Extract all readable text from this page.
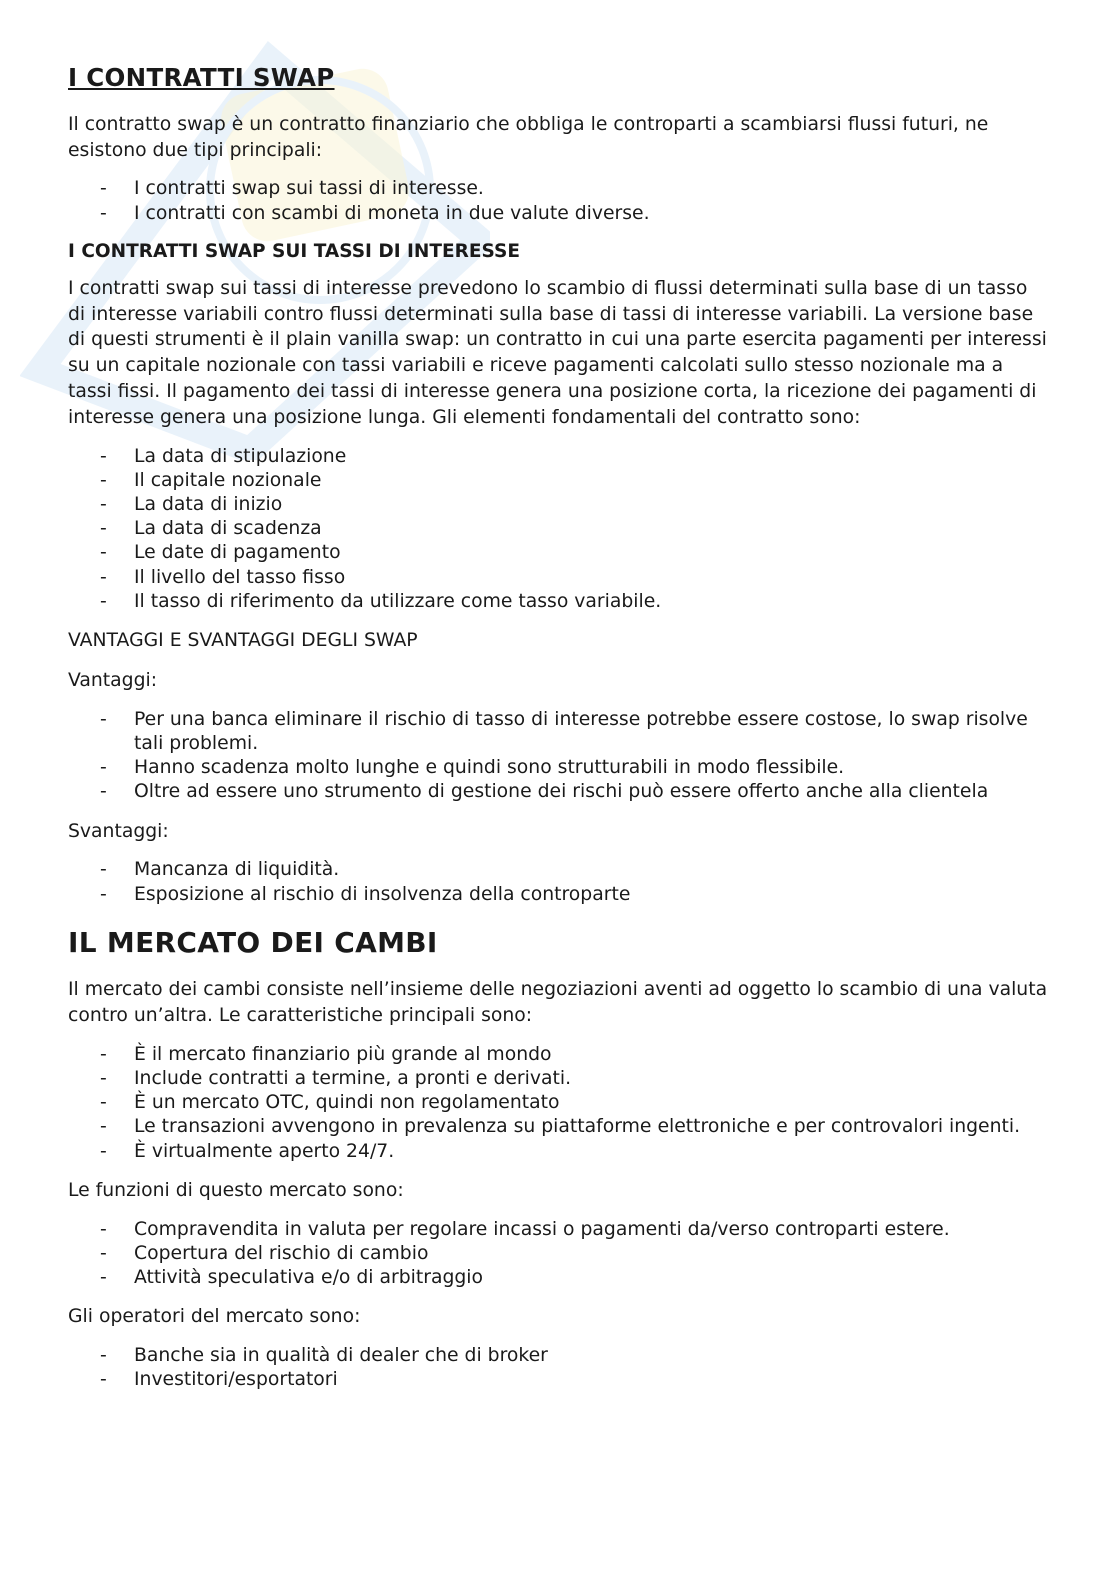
I CONTRATTI SWAP

Il contratto swap è un contratto finanziario che obbliga le controparti a scambiarsi flussi futuri, ne esistono due tipi principali:

- I contratti swap sui tassi di interesse.
- I contratti con scambi di moneta in due valute diverse.
I CONTRATTI SWAP SUI TASSI DI INTERESSE

I contratti swap sui tassi di interesse prevedono lo scambio di flussi determinati sulla base di un tasso di interesse variabili contro flussi determinati sulla base di tassi di interesse variabili. La versione base di questi strumenti è il plain vanilla swap: un contratto in cui una parte esercita pagamenti per interessi su un capitale nozionale con tassi variabili e riceve pagamenti calcolati sullo stesso nozionale ma a tassi fissi. Il pagamento dei tassi di interesse genera una posizione corta, la ricezione dei pagamenti di interesse genera una posizione lunga. Gli elementi fondamentali del contratto sono:

- La data di stipulazione
- Il capitale nozionale
- La data di inizio
- La data di scadenza
- Le date di pagamento
- Il livello del tasso fisso
- Il tasso di riferimento da utilizzare come tasso variabile.

VANTAGGI E SVANTAGGI DEGLI SWAP

Vantaggi:

- Per una banca eliminare il rischio di tasso di interesse potrebbe essere costose, lo swap risolve tali problemi.
- Hanno scadenza molto lunghe e quindi sono strutturabili in modo flessibile.
- Oltre ad essere uno strumento di gestione dei rischi può essere offerto anche alla clientela

Svantaggi:

- Mancanza di liquidità.
- Esposizione al rischio di insolvenza della controparte
IL MERCATO DEI CAMBI

Il mercato dei cambi consiste nell’insieme delle negoziazioni aventi ad oggetto lo scambio di una valuta contro un’altra. Le caratteristiche principali sono:

- È il mercato finanziario più grande al mondo
- Include contratti a termine, a pronti e derivati.
- È un mercato OTC, quindi non regolamentato
- Le transazioni avvengono in prevalenza su piattaforme elettroniche e per controvalori ingenti.
- È virtualmente aperto 24/7.

Le funzioni di questo mercato sono:

- Compravendita in valuta per regolare incassi o pagamenti da/verso controparti estere.
- Copertura del rischio di cambio
- Attività speculativa e/o di arbitraggio

Gli operatori del mercato sono:

- Banche sia in qualità di dealer che di broker
- Investitori/esportatori
